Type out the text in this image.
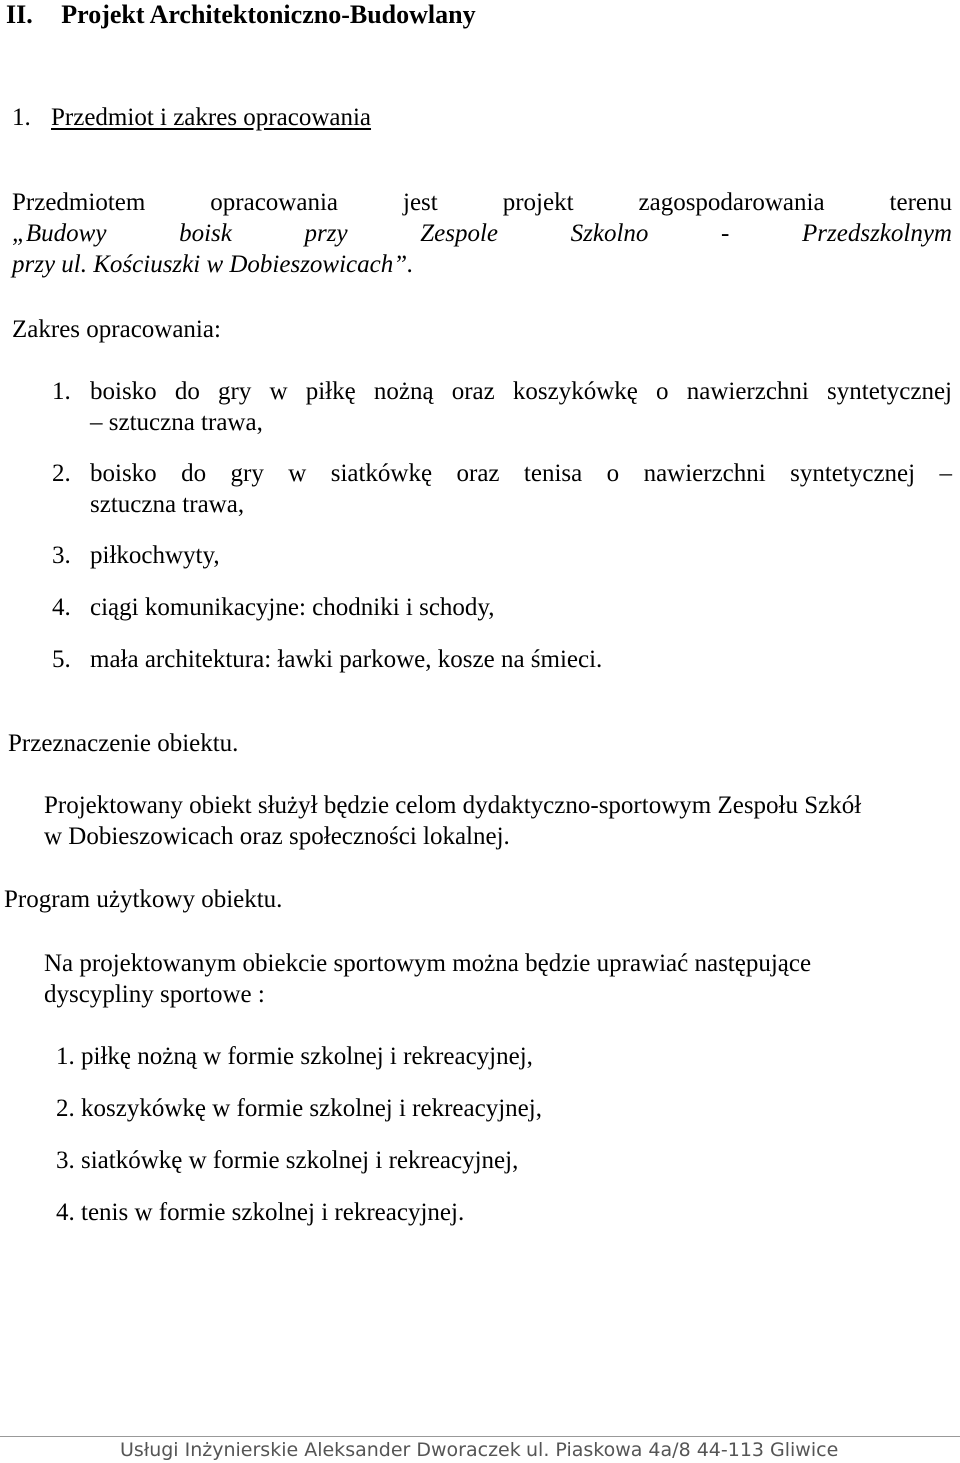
II. Projekt Architektoniczno-Budowlany
1. Przedmiot i zakres opracowania
Przedmiotem opracowania jest projekt zagospodarowania terenu
„Budowy boisk przy Zespole Szkolno - Przedszkolnym
przy ul. Kościuszki w Dobieszowicach”.
Zakres opracowania:
1. boisko do gry w piłkę nożną oraz koszykówkę o nawierzchni syntetycznej
– sztuczna trawa,
2. boisko do gry w siatkówkę oraz tenisa o nawierzchni syntetycznej –
sztuczna trawa,
3. piłkochwyty,
4. ciągi komunikacyjne: chodniki i schody,
5. mała architektura: ławki parkowe, kosze na śmieci.
Przeznaczenie obiektu.
Projektowany obiekt służył będzie celom dydaktyczno-sportowym Zespołu Szkół
w Dobieszowicach oraz społeczności lokalnej.
Program użytkowy obiektu.
Na projektowanym obiekcie sportowym można będzie uprawiać następujące
dyscypliny sportowe :
1. piłkę nożną w formie szkolnej i rekreacyjnej,
2. koszykówkę w formie szkolnej i rekreacyjnej,
3. siatkówkę w formie szkolnej i rekreacyjnej,
4. tenis w formie szkolnej i rekreacyjnej.
Usługi Inżynierskie Aleksander Dworaczek ul. Piaskowa 4a/8 44-113 Gliwice
